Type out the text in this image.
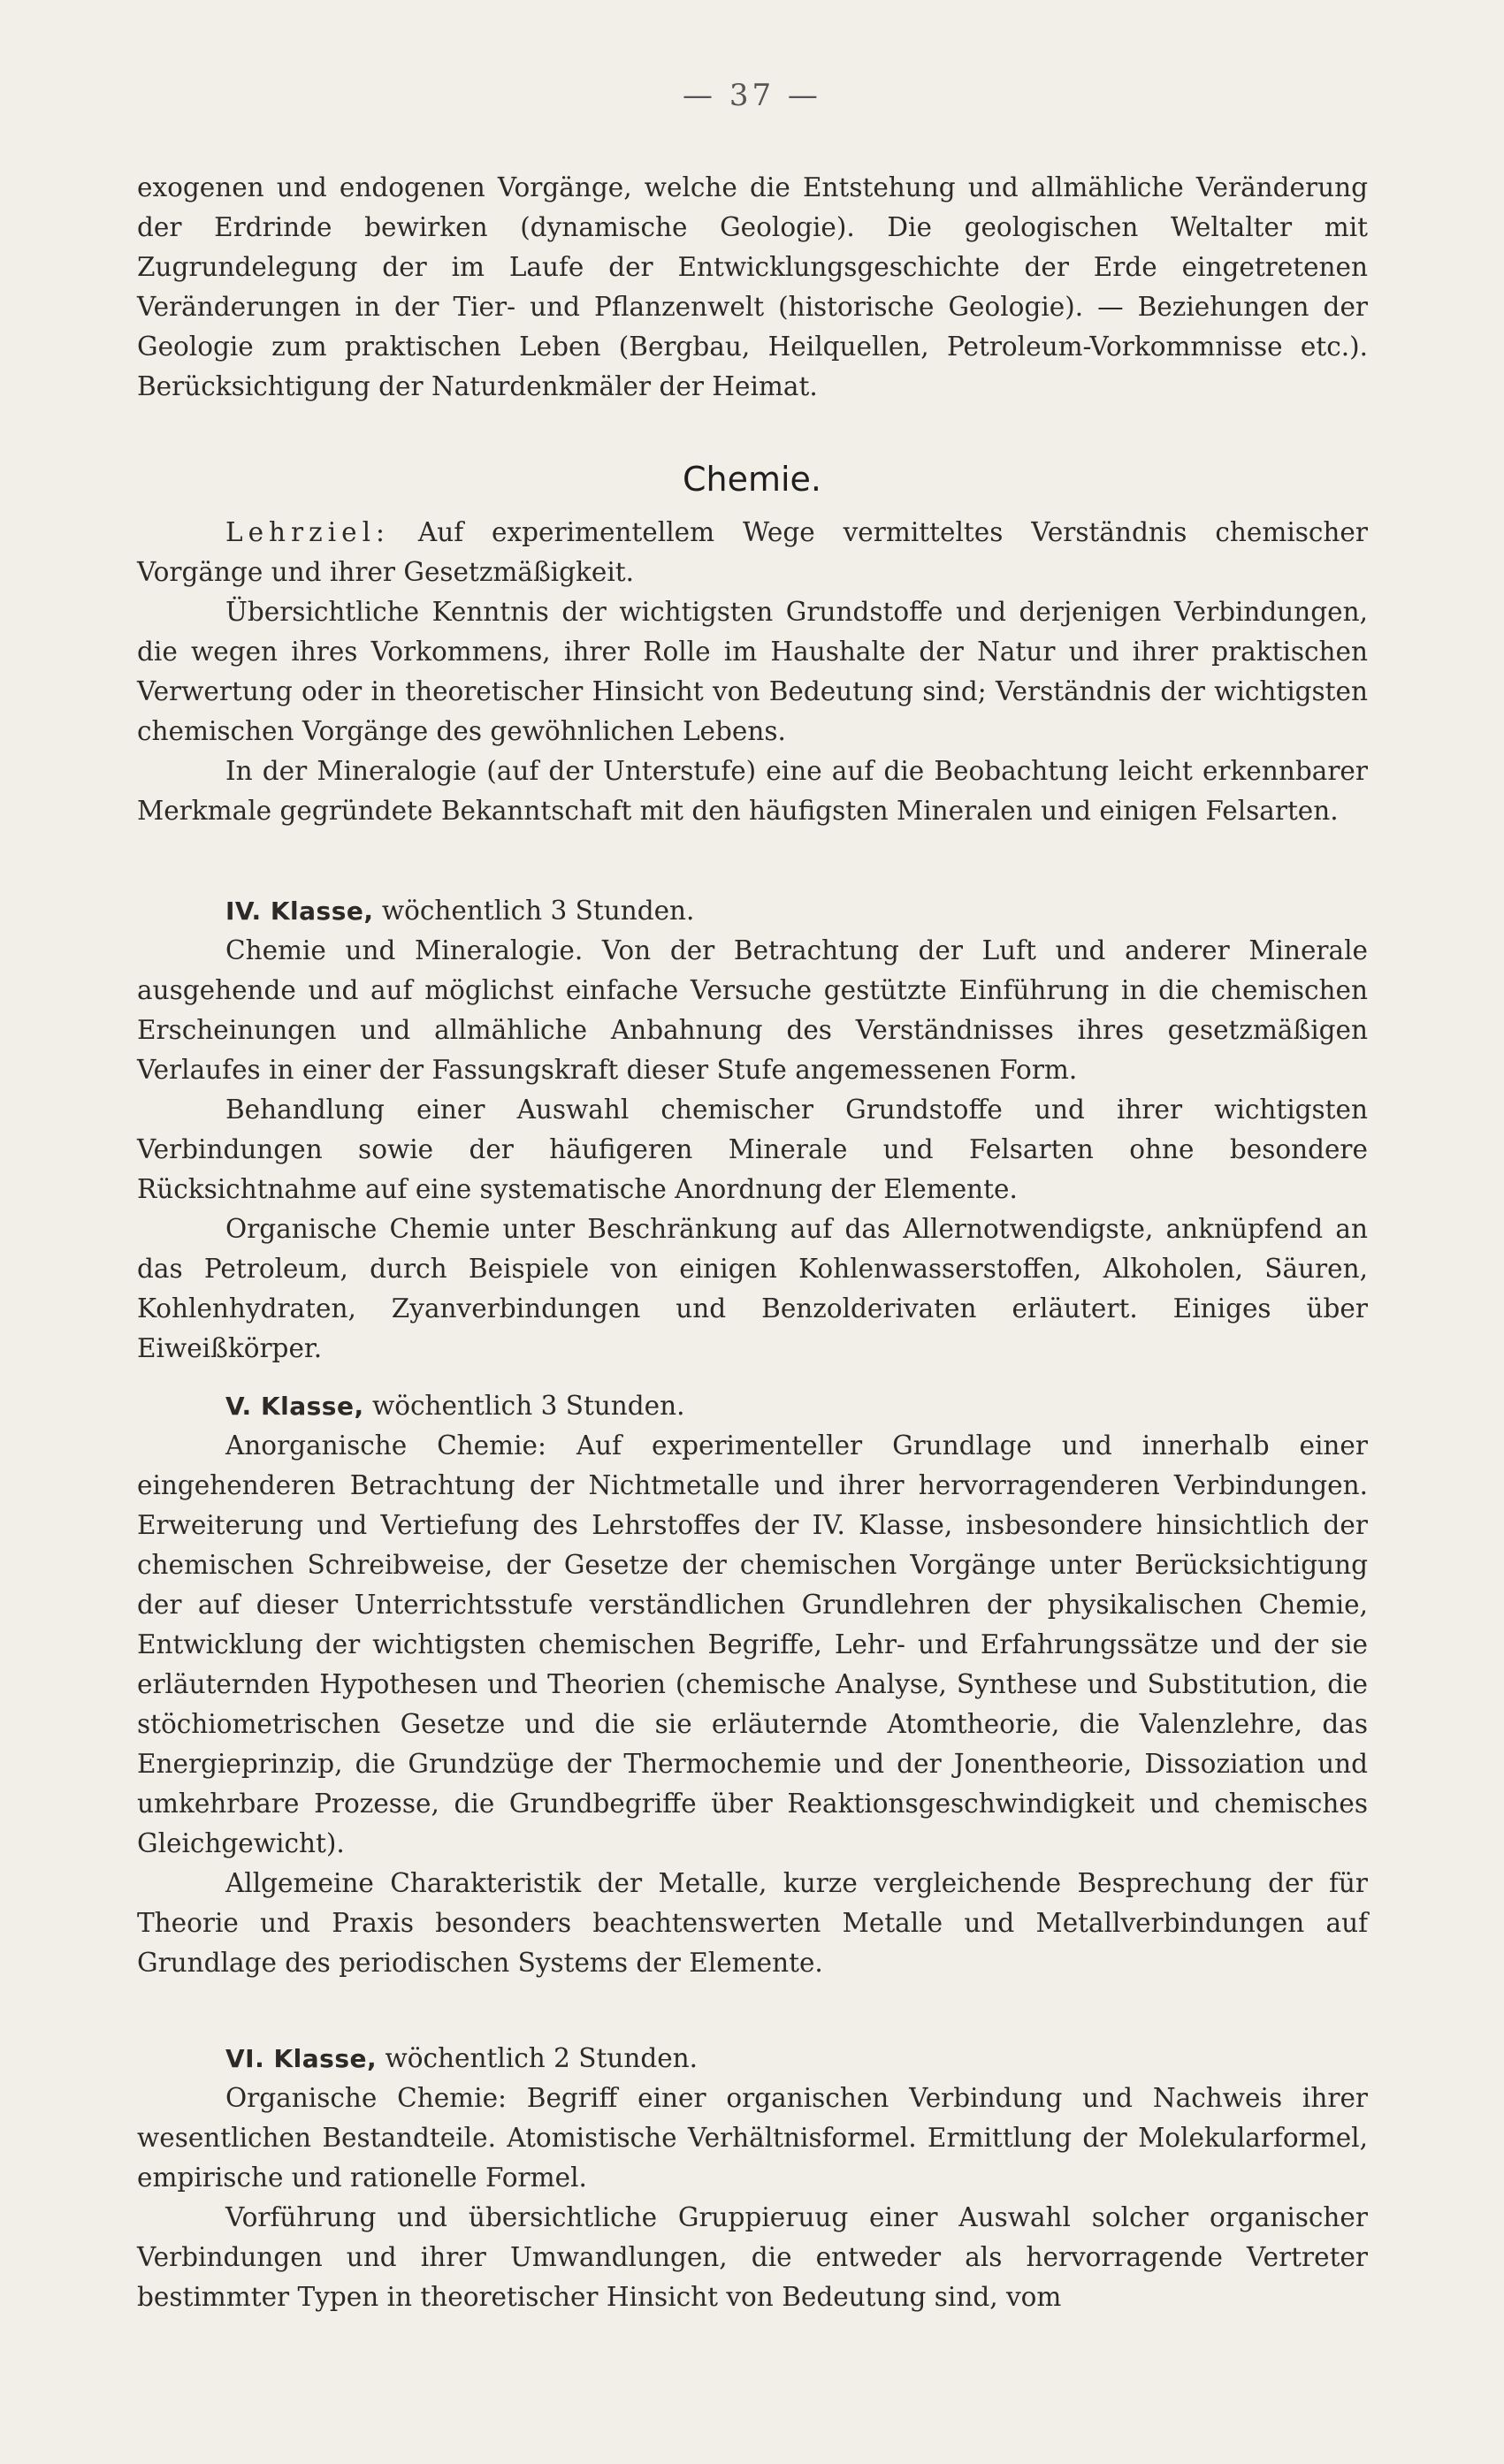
— 37 —

exogenen und endogenen Vorgänge, welche die Entstehung und allmähliche Veränderung der Erdrinde bewirken (dynamische Geologie). Die geologischen Weltalter mit Zugrundelegung der im Laufe der Entwicklungsgeschichte der Erde eingetretenen Veränderungen in der Tier- und Pflanzenwelt (historische Geologie). — Beziehungen der Geologie zum praktischen Leben (Bergbau, Heilquellen, Petroleum-Vorkommnisse etc.). Berücksichtigung der Naturdenkmäler der Heimat.

Chemie.

Lehrziel: Auf experimentellem Wege vermitteltes Verständnis chemischer Vorgänge und ihrer Gesetzmäßigkeit.

Übersichtliche Kenntnis der wichtigsten Grundstoffe und derjenigen Verbindungen, die wegen ihres Vorkommens, ihrer Rolle im Haushalte der Natur und ihrer praktischen Verwertung oder in theoretischer Hinsicht von Bedeutung sind; Verständnis der wichtigsten chemischen Vorgänge des gewöhnlichen Lebens.

In der Mineralogie (auf der Unterstufe) eine auf die Beobachtung leicht erkennbarer Merkmale gegründete Bekanntschaft mit den häufigsten Mineralen und einigen Felsarten.

IV. Klasse, wöchentlich 3 Stunden.

Chemie und Mineralogie. Von der Betrachtung der Luft und anderer Minerale ausgehende und auf möglichst einfache Versuche gestützte Einführung in die chemischen Erscheinungen und allmähliche Anbahnung des Verständnisses ihres gesetzmäßigen Verlaufes in einer der Fassungskraft dieser Stufe angemessenen Form.

Behandlung einer Auswahl chemischer Grundstoffe und ihrer wichtigsten Verbindungen sowie der häufigeren Minerale und Felsarten ohne besondere Rücksichtnahme auf eine systematische Anordnung der Elemente.

Organische Chemie unter Beschränkung auf das Allernotwendigste, anknüpfend an das Petroleum, durch Beispiele von einigen Kohlenwasserstoffen, Alkoholen, Säuren, Kohlenhydraten, Zyanverbindungen und Benzolderivaten erläutert. Einiges über Eiweißkörper.

V. Klasse, wöchentlich 3 Stunden.

Anorganische Chemie: Auf experimenteller Grundlage und innerhalb einer eingehenderen Betrachtung der Nichtmetalle und ihrer hervorragenderen Verbindungen. Erweiterung und Vertiefung des Lehrstoffes der IV. Klasse, insbesondere hinsichtlich der chemischen Schreibweise, der Gesetze der chemischen Vorgänge unter Berücksichtigung der auf dieser Unterrichtsstufe verständlichen Grundlehren der physikalischen Chemie, Entwicklung der wichtigsten chemischen Begriffe, Lehr- und Erfahrungssätze und der sie erläuternden Hypothesen und Theorien (chemische Analyse, Synthese und Substitution, die stöchiometrischen Gesetze und die sie erläuternde Atomtheorie, die Valenzlehre, das Energieprinzip, die Grundzüge der Thermochemie und der Jonentheorie, Dissoziation und umkehrbare Prozesse, die Grundbegriffe über Reaktionsgeschwindigkeit und chemisches Gleichgewicht).

Allgemeine Charakteristik der Metalle, kurze vergleichende Besprechung der für Theorie und Praxis besonders beachtenswerten Metalle und Metallverbindungen auf Grundlage des periodischen Systems der Elemente.

VI. Klasse, wöchentlich 2 Stunden.

Organische Chemie: Begriff einer organischen Verbindung und Nachweis ihrer wesentlichen Bestandteile. Atomistische Verhältnisformel. Ermittlung der Molekularformel, empirische und rationelle Formel.

Vorführung und übersichtliche Gruppieruug einer Auswahl solcher organischer Verbindungen und ihrer Umwandlungen, die entweder als hervorragende Vertreter bestimmter Typen in theoretischer Hinsicht von Bedeutung sind, vom
